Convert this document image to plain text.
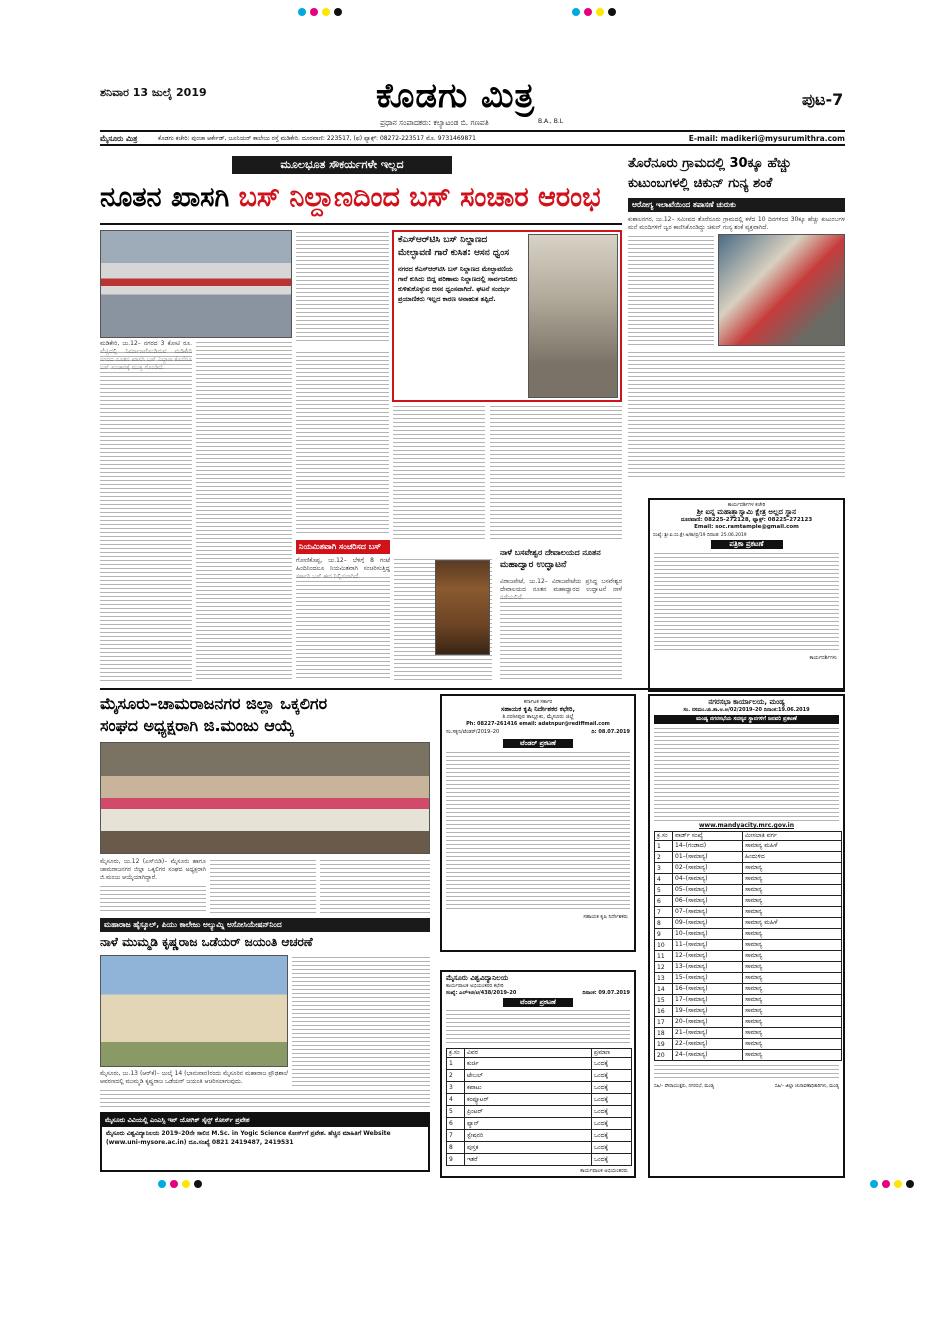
ಶನಿವಾರ 13 ಜುಲೈ 2019	ಕೊಡಗು ಮಿತ್ರ
ಪ್ರಧಾನ ಸಂಪಾದಕರು: ಕಲ್ಯಾಟಂಡ ಬಿ. ಗಣಪತಿ	B.A., B.L
ಪುಟ-7
ಮೈಸೂರು ಮಿತ್ರ	ಕೊಡಗು ಕಚೇರಿ: ಪುಂಚಾ ಆರ್ಕೇಡ್, ಜೂನಿಯರ್ ಕಾಲೇಜು ರಸ್ತೆ ಮಡಿಕೇರಿ. ದೂರವಾಣಿ: 223517, (ಫ) ಫ್ಯಾಕ್ಸ್: 08272-223517 ಮೊ. 9731469871	E-mail: madikeri@mysurumithra.com
ಮೂಲಭೂತ ಸೌಕರ್ಯಗಳೇ ಇಲ್ಲದ
ನೂತನ ಖಾಸಗಿ ಬಸ್ ನಿಲ್ದಾಣದಿಂದ ಬಸ್ ಸಂಚಾರ ಆರಂಭ
ಮಡಿಕೇರಿ, ಜು.12– ನಗರದ 3 ಕೋಟಿ ರೂ.
ಕೆಎಸ್‌ಆರ್‌ಟಿಸಿ ಬಸ್ ನಿಲ್ದಾಣದ ಮೇಲ್ಛಾವಣಿ ಗಾರೆ ಕುಸಿತ: ಆಸನ ಧ್ವಂಸ
ನಗರದ ಕೆಎಸ್‌ಆರ್‌ಟಿಸಿ ಬಸ್ ನಿಲ್ದಾಣದ ಮೇಲ್ಛಾವಣಿಯ ಗಾರೆ ಕುಸಿದು ಬಿದ್ದ ಪರಿಣಾಮ ನಿಲ್ದಾಣದಲ್ಲಿ ಸಾರ್ವಜನಿಕರು ಕುಳಿತುಕೊಳ್ಳುವ ಆಸನ ಧ್ವಂಸವಾಗಿದೆ. ಘಟನೆ ಸಂದರ್ಭ ಪ್ರಯಾಣಿಕರು ಇಲ್ಲದ ಕಾರಣ ಅನಾಹುತ ತಪ್ಪಿದೆ.
ನಿಯಮಿತವಾಗಿ ಸಂಚರಿಸದ ಬಸ್
ಗೋಣಿಕೊಪ್ಪ, ಜು.12– ಬೆಳಿಗ್ಗೆ 8 ಗಂಟೆ ಹಿಂದಿನಿಂದಲೂ ನಿಯಮಿತವಾಗಿ ಸಂಚರಿಸುತ್ತಿದ್ದ
ನಾಳೆ ಬಸವೇಶ್ವರ ದೇವಾಲಯದ ನೂತನ
ಮಹಾದ್ವಾರ ಉದ್ಘಾಟನೆ
ವಿರಾಜಪೇಟೆ, ಜು.12– ವಿರಾಜಪೇಟೆಯ ಪ್ರಸಿದ್ಧ ಬಸವೇಶ್ವರ ದೇವಾಲಯದ ನೂತನ ಮಹಾದ್ವಾರದ ಉದ್ಘಾಟನೆ ನಾಳೆ
ತೊರೆನೂರು ಗ್ರಾಮದಲ್ಲಿ 30ಕ್ಕೂ ಹೆಚ್ಚು
ಕುಟುಂಬಗಳಲ್ಲಿ ಚಿಕುನ್ ಗುನ್ಯ ಶಂಕೆ
ಆರೋಗ್ಯ ಇಲಾಖೆಯಿಂದ ತಪಾಸಣೆ ಚುರುಕು
ಕುಶಾಲನಗರ, ಜು.12– ಸಮೀಪದ ತೊರೆನೂರು ಗ್ರಾಮದಲ್ಲಿ ಕಳೆದ 10 ದಿನಗಳಿಂದ 30ಕ್ಕೂ ಹೆಚ್ಚು ಕುಟುಂಬಗಳ ಮನೆ ಮಂದಿಗಳಿಗೆ ಜ್ವರ ಕಾಣಿಸಿಕೊಂಡಿದ್ದು ಚಿಕುನ್ ಗುನ್ಯ ಶಂಕೆ ವ್ಯಕ್ತವಾಗಿದೆ.
ಕಾರ್ಯದರ್ಶಿಗಳ ಕಚೇರಿ
ಶ್ರೀ ಐನ್ನ ಮಹಾತ್ರ್ಪಾಸ್ವಾಮಿ ಕ್ಷೇತ್ರ ಅಲ್ಲದ ಸ್ಥಾನ
ದೂರವಾಣಿ: 08225-272128, ಫ್ಯಾಕ್ಸ್: 08225-272123
Email: soc.ramtample@gmail.com
ಸಂಖ್ಯೆ: ಶ್ರೀ.ಐ.ಸಂ.ಕ್ಷೇ.ಅ/ಕಾ/ಪ್ರ/19 ದಿನಾಂಕ: 25.06.2019
ಪತ್ರಿಕಾ ಪ್ರಕಟಣೆ
ಕಾರ್ಯದರ್ಶಿಗಳು
ಮೈಸೂರು–ಚಾಮರಾಜನಗರ ಜಿಲ್ಲಾ ಒಕ್ಕಲಿಗರ
ಸಂಘದ ಅಧ್ಯಕ್ಷರಾಗಿ ಜಿ.ಮಂಜು ಆಯ್ಕೆ
ಮೈಸೂರು, ಜು.12 (ಎಸ್‌ಬಿಡಿ)– ಮೈಸೂರು ಹಾಗೂ ಚಾಮರಾಜನಗರ ಜಿಲ್ಲಾ ಒಕ್ಕಲಿಗರ ಸಂಘದ ಅಧ್ಯಕ್ಷರಾಗಿ ಜಿ.ಮಂಜು ಆಯ್ಕೆಯಾಗಿದ್ದಾರೆ.
ಮಹಾರಾಜ ಹೈಸ್ಕೂಲ್, ಪಿಯು ಕಾಲೇಜು ಅಲ್ಯುಮ್ನಿ ಅಸೋಸಿಯೇಷನ್‌ನಿಂದ
ನಾಳೆ ಮುಮ್ಮಡಿ ಕೃಷ್ಣರಾಜ ಒಡೆಯರ್ ಜಯಂತಿ ಆಚರಣೆ
ಮೈಸೂರು, ಜು.13 (ಆರ್‌ಕೆ)– ಜುಲೈ 14 (ಭಾನುವಾರ)ರಂದು ಮೈಸೂರಿನ ಮಹಾರಾಜ ಪ್ರೌಢಶಾಲೆ ಆವರಣದಲ್ಲಿ ಮುಮ್ಮಡಿ ಕೃಷ್ಣರಾಜ ಒಡೆಯರ್ ಜಯಂತಿ ಆಚರಿಸಲಾಗುವುದು.
ಮೈಸೂರು ವಿವಿಯಲ್ಲಿ ಎಂಎಸ್ಸಿ ಇನ್ ಯೋಗಿಕ್ ಸೈನ್ಸ್ ಕೋರ್ಸ್ ಪ್ರವೇಶ
ಮೈಸೂರು ವಿಶ್ವವಿದ್ಯಾನಿಲಯ 2019–20ನೇ ಸಾಲಿನ M.Sc. in Yogic Science ಕೋರ್ಸ್‌ಗೆ ಪ್ರವೇಶ. ಹೆಚ್ಚಿನ ಮಾಹಿತಿಗೆ Website (www.uni-mysore.ac.in) ದೂ.ಸಂಖ್ಯೆ 0821 2419487, 2419531
ಕರ್ನಾಟಕ ಸರ್ಕಾರ
ಸಹಾಯಕ ಕೃಷಿ ನಿರ್ದೇಶಕರ ಕಛೇರಿ,
ತಿ.ನರಸೀಪುರ ತಾಲ್ಲೂಕು, ಮೈಸೂರು ಜಿಲ್ಲೆ
Ph: 08227-261416 email: adatnpur@rediffmail.com
ಸಂ.ಸಕೃನಿ/ಟೆಂಡರ್/2019–20	ದಿ: 08.07.2019
ಟೆಂಡರ್ ಪ್ರಕಟಣೆ
ಸಹಾಯಕ ಕೃಷಿ ನಿರ್ದೇಶಕರು
ಮೈಸೂರು ವಿಶ್ವವಿದ್ಯಾನಿಲಯ
ಕಾರ್ಯಪಾಲಕ ಅಭಿಯಂತರರ ಕಛೇರಿ
ಸಂಖ್ಯೆ: ಎಲ್ಇಜಿ/ಟಿ/438/2019–20	ದಿನಾಂಕ: 09.07.2019
ಟೆಂಡರ್ ಪ್ರಕಟಣೆ
ಕ್ರ.ಸಂ	ವಿವರ	ಪ್ರಮಾಣ
1	ಕುರ್ಚಿ	ಒಂದಕ್ಕೆ
2	ಟೇಬಲ್	ಒಂದಕ್ಕೆ
3	ಕಪಾಟು	ಒಂದಕ್ಕೆ
4	ಕಂಪ್ಯೂಟರ್	ಒಂದಕ್ಕೆ
5	ಪ್ರಿಂಟರ್	ಒಂದಕ್ಕೆ
6	ಫ್ಯಾನ್	ಒಂದಕ್ಕೆ
7	ಸ್ಟೇಷನರಿ	ಒಂದಕ್ಕೆ
8	ಪುಸ್ತಕ	ಒಂದಕ್ಕೆ
9	ಇತರೆ	ಒಂದಕ್ಕೆ
ಕಾರ್ಯಪಾಲಕ ಅಭಿಯಂತರರು
ನಗರಸಭಾ ಕಾರ್ಯಾಲಯ, ಮಂಡ್ಯ
ಸಂ. ನಸಮಂ.ಚು.ಶಾ.ಆ.ಅ/02/2019–20 ದಿನಾಂಕ:19.06.2019
ಮಂಡ್ಯ ನಗರಸಭೆಯ ಸದಸ್ಯರ ಸ್ಥಾನಗಳಿಗೆ ಜನವರಿ ಪ್ರಕಟಣೆ
www.mandyacity.mrc.gov.in
ಕ್ರ.ಸಂ	ವಾರ್ಡ್ ಸಂಖ್ಯೆ	ಮೀಸಲಾತಿ ವರ್ಗ
1	14–(ಗಂಡಾದ)	ಸಾಮಾನ್ಯ ಮಹಿಳೆ
2	01–(ಸಾಮಾನ್ಯ)	ಹಿಂದುಳಿದ
3	02–(ಸಾಮಾನ್ಯ)	ಸಾಮಾನ್ಯ
4	04–(ಸಾಮಾನ್ಯ)	ಸಾಮಾನ್ಯ
5	05–(ಸಾಮಾನ್ಯ)	ಸಾಮಾನ್ಯ
6	06–(ಸಾಮಾನ್ಯ)	ಸಾಮಾನ್ಯ
7	07–(ಸಾಮಾನ್ಯ)	ಸಾಮಾನ್ಯ
8	09–(ಸಾಮಾನ್ಯ)	ಸಾಮಾನ್ಯ ಮಹಿಳೆ
9	10–(ಸಾಮಾನ್ಯ)	ಸಾಮಾನ್ಯ
10	11–(ಸಾಮಾನ್ಯ)	ಸಾಮಾನ್ಯ
11	12–(ಸಾಮಾನ್ಯ)	ಸಾಮಾನ್ಯ
12	13–(ಸಾಮಾನ್ಯ)	ಸಾಮಾನ್ಯ
13	15–(ಸಾಮಾನ್ಯ)	ಸಾಮಾನ್ಯ
14	16–(ಸಾಮಾನ್ಯ)	ಸಾಮಾನ್ಯ
15	17–(ಸಾಮಾನ್ಯ)	ಸಾಮಾನ್ಯ
16	19–(ಸಾಮಾನ್ಯ)	ಸಾಮಾನ್ಯ
17	20–(ಸಾಮಾನ್ಯ)	ಸಾಮಾನ್ಯ
18	21–(ಸಾಮಾನ್ಯ)	ಸಾಮಾನ್ಯ
19	22–(ಸಾಮಾನ್ಯ)	ಸಾಮಾನ್ಯ
20	24–(ಸಾಮಾನ್ಯ)	ಸಾಮಾನ್ಯ
ಸಹಿ/– ಪೌರಾಯುಕ್ತರು, ನಗರಸಭೆ, ಮಂಡ್ಯ	ಸಹಿ/– ಜಿಲ್ಲಾ ಚುನಾವಣಾಧಿಕಾರಿಗಳು, ಮಂಡ್ಯ
